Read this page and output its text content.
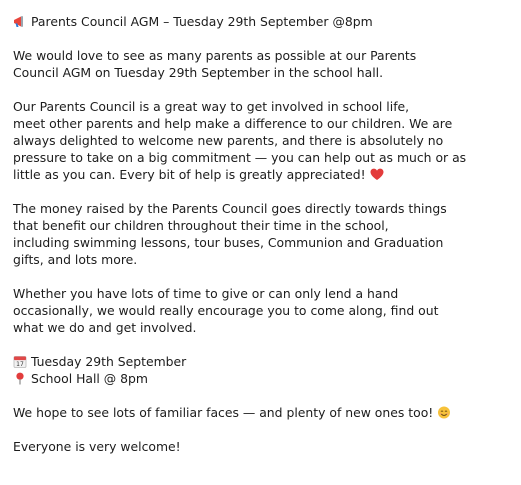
Parents Council AGM – Tuesday 29th September @8pm
We would love to see as many parents as possible at our Parents
Council AGM on Tuesday 29th September in the school hall.
Our Parents Council is a great way to get involved in school life,
meet other parents and help make a difference to our children. We are
always delighted to welcome new parents, and there is absolutely no
pressure to take on a big commitment — you can help out as much or as
little as you can. Every bit of help is greatly appreciated!
The money raised by the Parents Council goes directly towards things
that benefit our children throughout their time in the school,
including swimming lessons, tour buses, Communion and Graduation
gifts, and lots more.
Whether you have lots of time to give or can only lend a hand
occasionally, we would really encourage you to come along, find out
what we do and get involved.
17 Tuesday 29th September
School Hall @ 8pm
We hope to see lots of familiar faces — and plenty of new ones too!
Everyone is very welcome!
